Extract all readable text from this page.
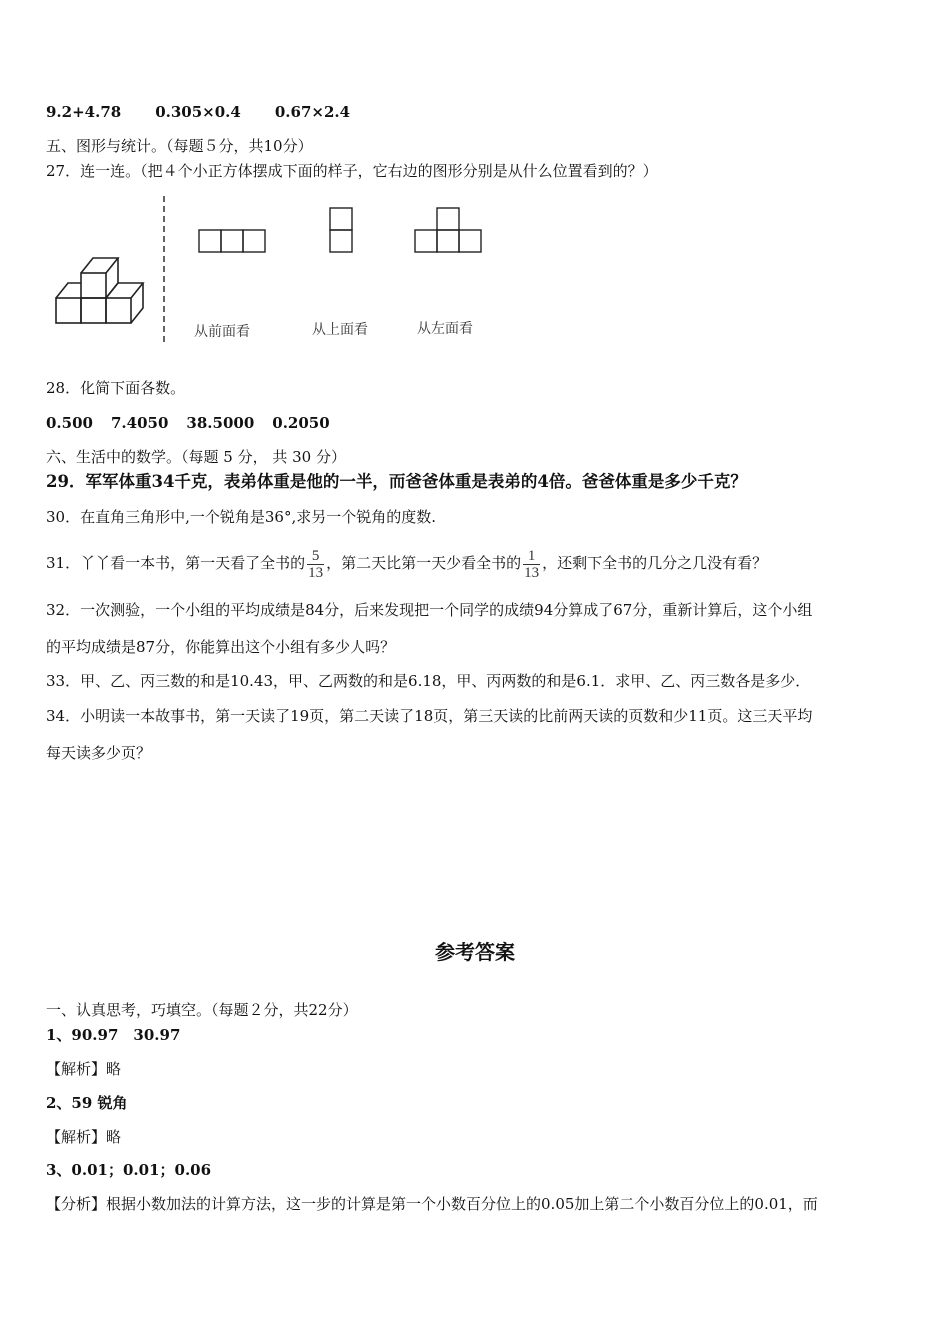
9.2+4.78 0.305×0.4 0.67×2.4
五、图形与统计。（每题５分，共10分）
27．连一连。（把４个小正方体摆成下面的样子，它右边的图形分别是从什么位置看到的？）
从前面看	从上面看	从左面看
28．化简下面各数。
0.500 7.4050 38.5000 0.2050
六、生活中的数学。（每题 5 分， 共 30 分）
29．军军体重34千克，表弟体重是他的一半，而爸爸体重是表弟的4倍。爸爸体重是多少千克？
30．在直角三角形中,一个锐角是36°,求另一个锐角的度数.
31．丫丫看一本书，第一天看了全书的 $\frac{5}{13}$ ，第二天比第一天少看全书的 $\frac{1}{13}$ ，还剩下全书的几分之几没有看？
32．一次测验，一个小组的平均成绩是84分，后来发现把一个同学的成绩94分算成了67分，重新计算后，这个小组
的平均成绩是87分，你能算出这个小组有多少人吗？
33．甲、乙、丙三数的和是10.43，甲、乙两数的和是6.18，甲、丙两数的和是6.1．求甲、乙、丙三数各是多少．
34．小明读一本故事书，第一天读了19页，第二天读了18页，第三天读的比前两天读的页数和少11页。这三天平均
每天读多少页？
参考答案
一、认真思考，巧填空。（每题２分，共22分）
1、90.97　30.97
【解析】略
2、59 锐角
【解析】略
3、0.01；0.01；0.06
【分析】根据小数加法的计算方法，这一步的计算是第一个小数百分位上的0.05加上第二个小数百分位上的0.01，而
